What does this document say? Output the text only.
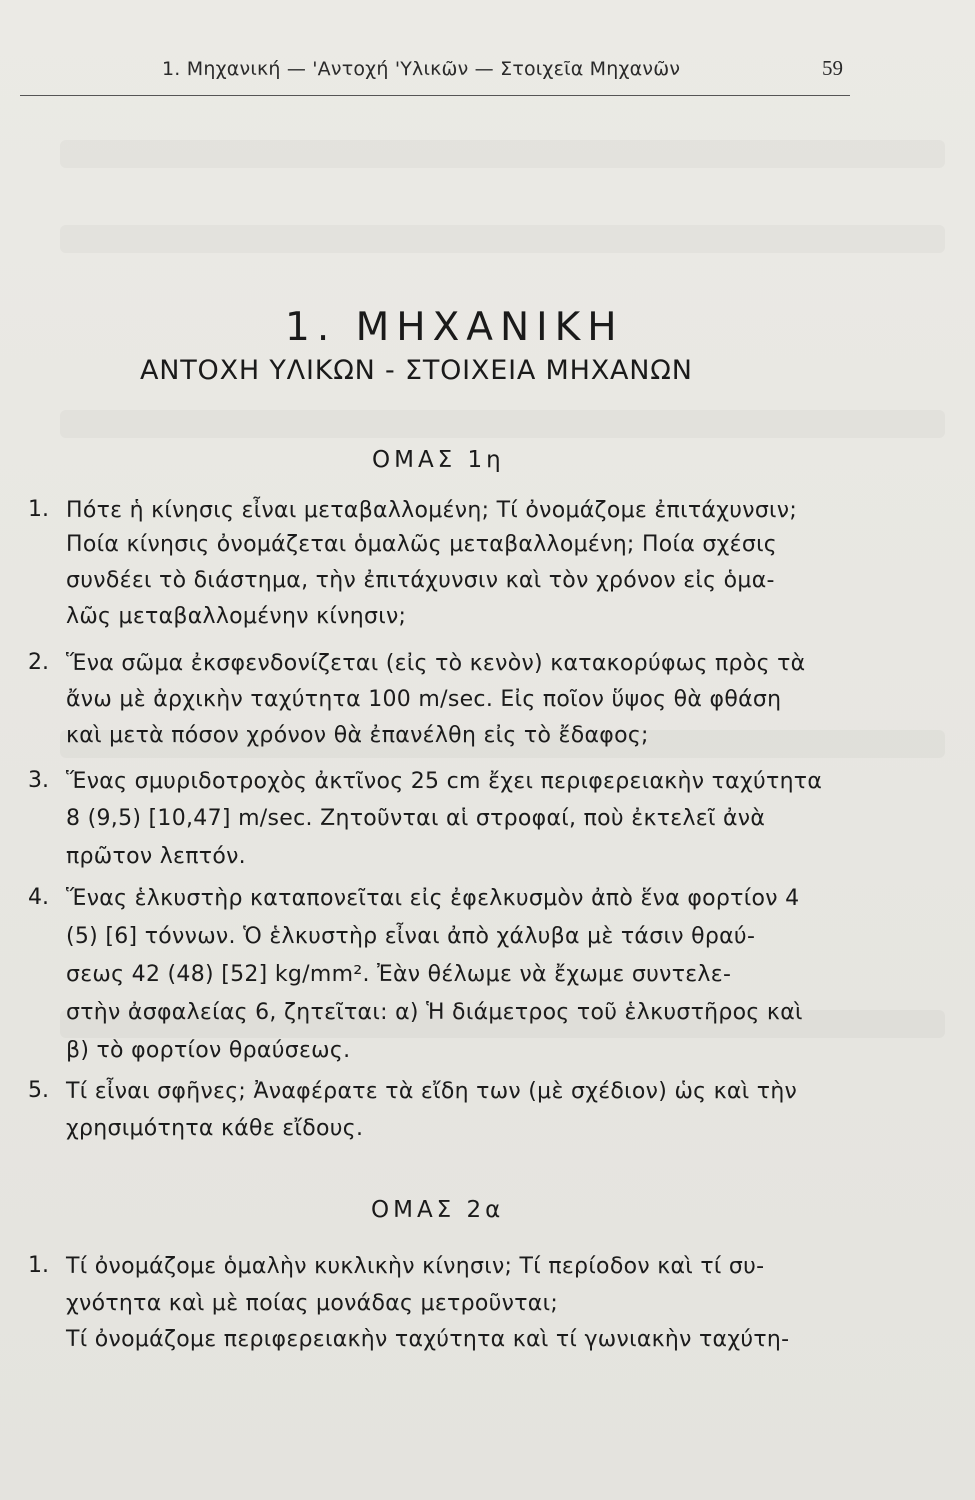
1. Μηχανική — 'Αντοχή 'Υλικῶν — Στοιχεῖα Μηχανῶν	59
1. ΜΗΧΑΝΙΚΗ
ΑΝΤΟΧΗ ΥΛΙΚΩΝ - ΣΤΟΙΧΕΙΑ ΜΗΧΑΝΩΝ
ΟΜΑΣ 1η
1. Πότε ἡ κίνησις εἶναι μεταβαλλομένη; Τί ὀνομάζομε ἐπιτάχυνσιν;
Ποία κίνησις ὀνομάζεται ὁμαλῶς μεταβαλλομένη; Ποία σχέσις
συνδέει τὸ διάστημα, τὴν ἐπιτάχυνσιν καὶ τὸν χρόνον εἰς ὁμα-
λῶς μεταβαλλομένην κίνησιν;
2. Ἕνα σῶμα ἐκσφενδονίζεται (εἰς τὸ κενὸν) κατακορύφως πρὸς τὰ
ἄνω μὲ ἀρχικὴν ταχύτητα 100 m/sec. Εἰς ποῖον ὕψος θὰ φθάση
καὶ μετὰ πόσον χρόνον θὰ ἐπανέλθη εἰς τὸ ἔδαφος;
3. Ἕνας σμυριδοτροχὸς ἀκτῖνος 25 cm ἔχει περιφερειακὴν ταχύτητα
8 (9,5) [10,47] m/sec. Ζητοῦνται αἱ στροφαί, ποὺ ἐκτελεῖ ἀνὰ
πρῶτον λεπτόν.
4. Ἕνας ἑλκυστὴρ καταπονεῖται εἰς ἐφελκυσμὸν ἀπὸ ἕνα φορτίον 4
(5) [6] τόννων. Ὁ ἑλκυστὴρ εἶναι ἀπὸ χάλυβα μὲ τάσιν θραύ-
σεως 42 (48) [52] kg/mm². Ἐὰν θέλωμε νὰ ἔχωμε συντελε-
στὴν ἀσφαλείας 6, ζητεῖται: α) Ἡ διάμετρος τοῦ ἑλκυστῆρος καὶ
β) τὸ φορτίον θραύσεως.
5. Τί εἶναι σφῆνες; Ἀναφέρατε τὰ εἴδη των (μὲ σχέδιον) ὡς καὶ τὴν
χρησιμότητα κάθε εἴδους.
ΟΜΑΣ 2α
1. Τί ὀνομάζομε ὁμαλὴν κυκλικὴν κίνησιν; Τί περίοδον καὶ τί συ-
χνότητα καὶ μὲ ποίας μονάδας μετροῦνται;
Τί ὀνομάζομε περιφερειακὴν ταχύτητα καὶ τί γωνιακὴν ταχύτη-
